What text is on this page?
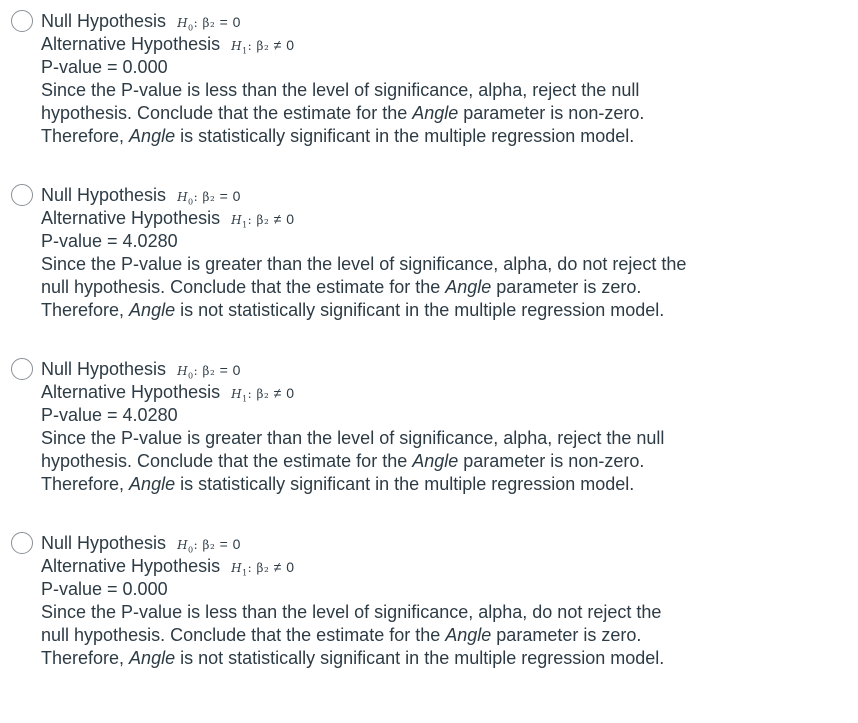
Null Hypothesis $H_0$: β₂ = 0
Alternative Hypothesis $H_1$: β₂ ≠ 0
P-value = 0.000
Since the P-value is less than the level of significance, alpha, reject the null
hypothesis. Conclude that the estimate for the Angle parameter is non-zero.
Therefore, Angle is statistically significant in the multiple regression model.
Null Hypothesis $H_0$: β₂ = 0
Alternative Hypothesis $H_1$: β₂ ≠ 0
P-value = 4.0280
Since the P-value is greater than the level of significance, alpha, do not reject the
null hypothesis. Conclude that the estimate for the Angle parameter is zero.
Therefore, Angle is not statistically significant in the multiple regression model.
Null Hypothesis $H_0$: β₂ = 0
Alternative Hypothesis $H_1$: β₂ ≠ 0
P-value = 4.0280
Since the P-value is greater than the level of significance, alpha, reject the null
hypothesis. Conclude that the estimate for the Angle parameter is non-zero.
Therefore, Angle is statistically significant in the multiple regression model.
Null Hypothesis $H_0$: β₂ = 0
Alternative Hypothesis $H_1$: β₂ ≠ 0
P-value = 0.000
Since the P-value is less than the level of significance, alpha, do not reject the
null hypothesis. Conclude that the estimate for the Angle parameter is zero.
Therefore, Angle is not statistically significant in the multiple regression model.
